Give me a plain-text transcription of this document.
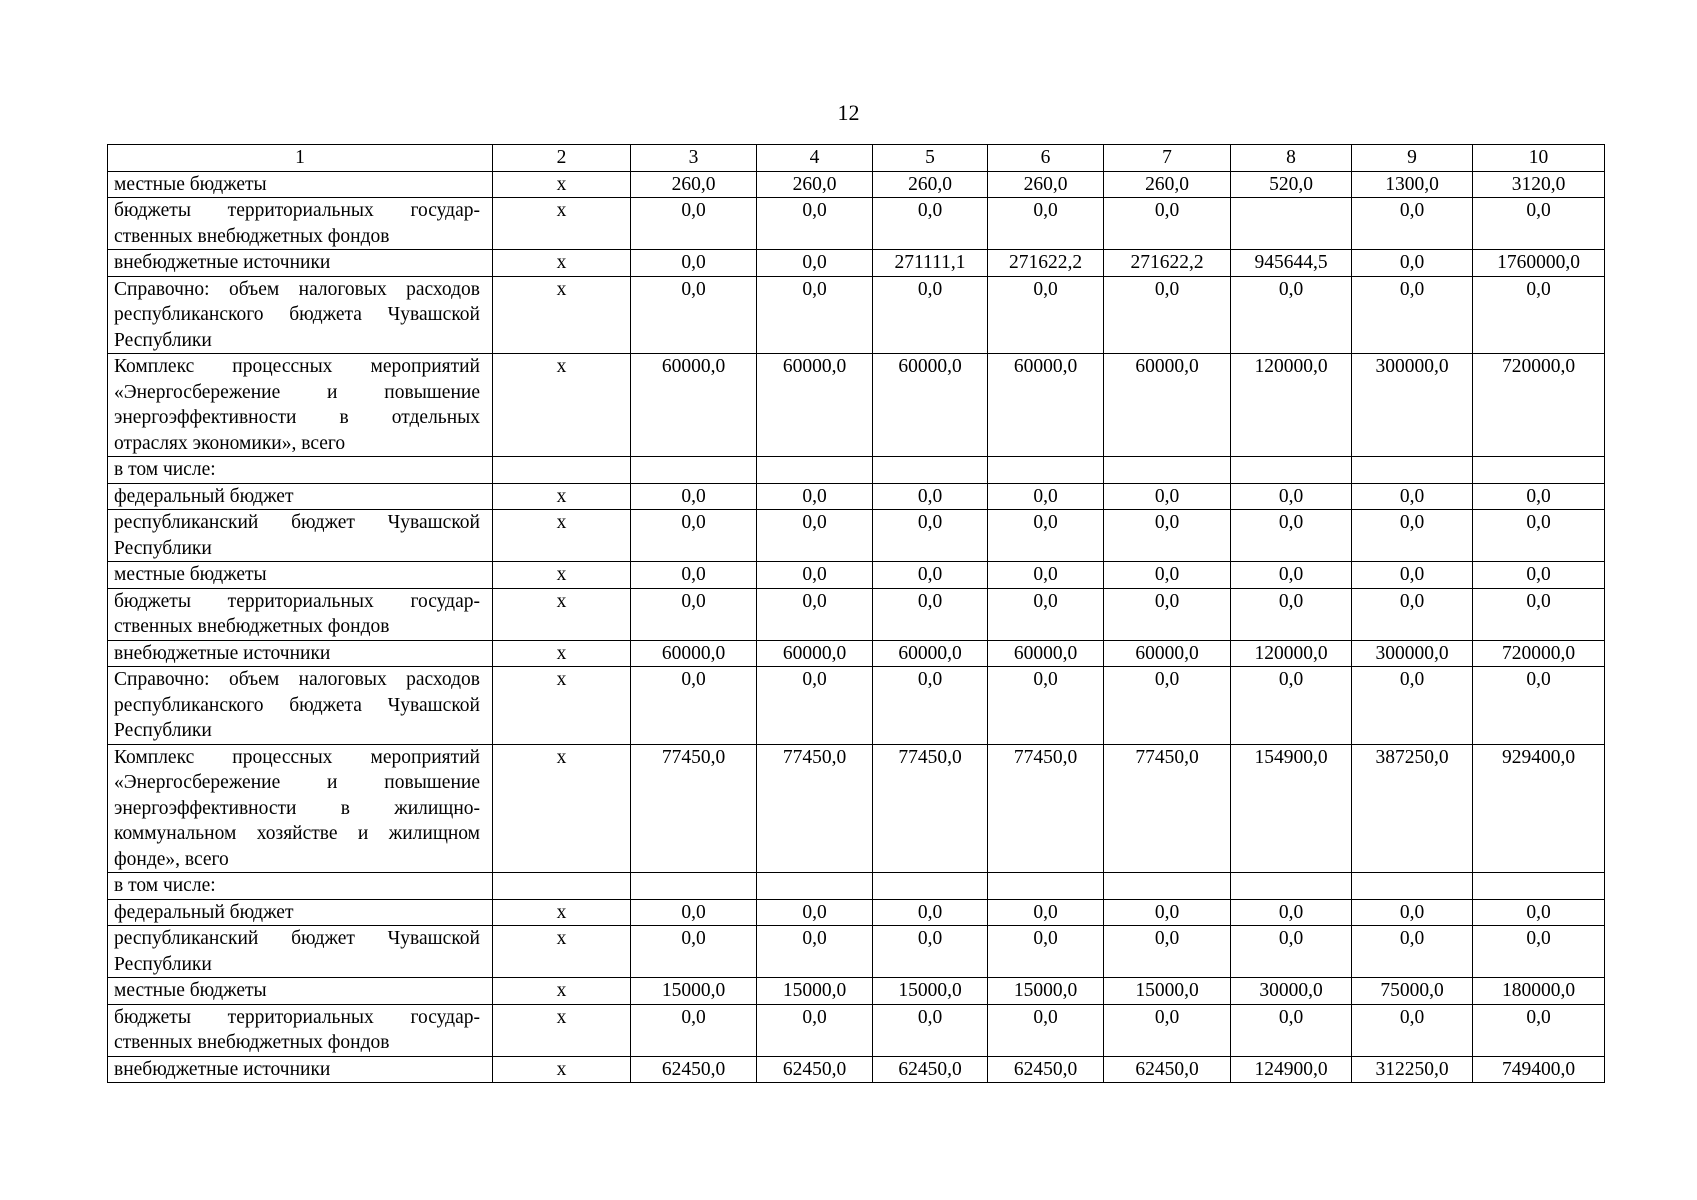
12
1	2	3	4	5	6	7	8	9	10
местные бюджеты	х	260,0	260,0	260,0	260,0	260,0	520,0	1300,0	3120,0
бюджеты территориальных государственных внебюджетных фондов	х	0,0	0,0	0,0	0,0	0,0		0,0	0,0
внебюджетные источники	х	0,0	0,0	271111,1	271622,2	271622,2	945644,5	0,0	1760000,0
Справочно: объем налоговых расходов республиканского бюджета Чувашской Республики	х	0,0	0,0	0,0	0,0	0,0	0,0	0,0	0,0
Комплекс процессных мероприятий «Энергосбережение и повышение энергоэффективности в отдельных отраслях экономики», всего	х	60000,0	60000,0	60000,0	60000,0	60000,0	120000,0	300000,0	720000,0
в том числе:									
федеральный бюджет	х	0,0	0,0	0,0	0,0	0,0	0,0	0,0	0,0
республиканский бюджет Чувашской Республики	х	0,0	0,0	0,0	0,0	0,0	0,0	0,0	0,0
местные бюджеты	х	0,0	0,0	0,0	0,0	0,0	0,0	0,0	0,0
бюджеты территориальных государственных внебюджетных фондов	х	0,0	0,0	0,0	0,0	0,0	0,0	0,0	0,0
внебюджетные источники	х	60000,0	60000,0	60000,0	60000,0	60000,0	120000,0	300000,0	720000,0
Справочно: объем налоговых расходов республиканского бюджета Чувашской Республики	х	0,0	0,0	0,0	0,0	0,0	0,0	0,0	0,0
Комплекс процессных мероприятий «Энергосбережение и повышение энергоэффективности в жилищно-коммунальном хозяйстве и жилищном фонде», всего	х	77450,0	77450,0	77450,0	77450,0	77450,0	154900,0	387250,0	929400,0
в том числе:									
федеральный бюджет	х	0,0	0,0	0,0	0,0	0,0	0,0	0,0	0,0
республиканский бюджет Чувашской Республики	х	0,0	0,0	0,0	0,0	0,0	0,0	0,0	0,0
местные бюджеты	х	15000,0	15000,0	15000,0	15000,0	15000,0	30000,0	75000,0	180000,0
бюджеты территориальных государственных внебюджетных фондов	х	0,0	0,0	0,0	0,0	0,0	0,0	0,0	0,0
внебюджетные источники	х	62450,0	62450,0	62450,0	62450,0	62450,0	124900,0	312250,0	749400,0
